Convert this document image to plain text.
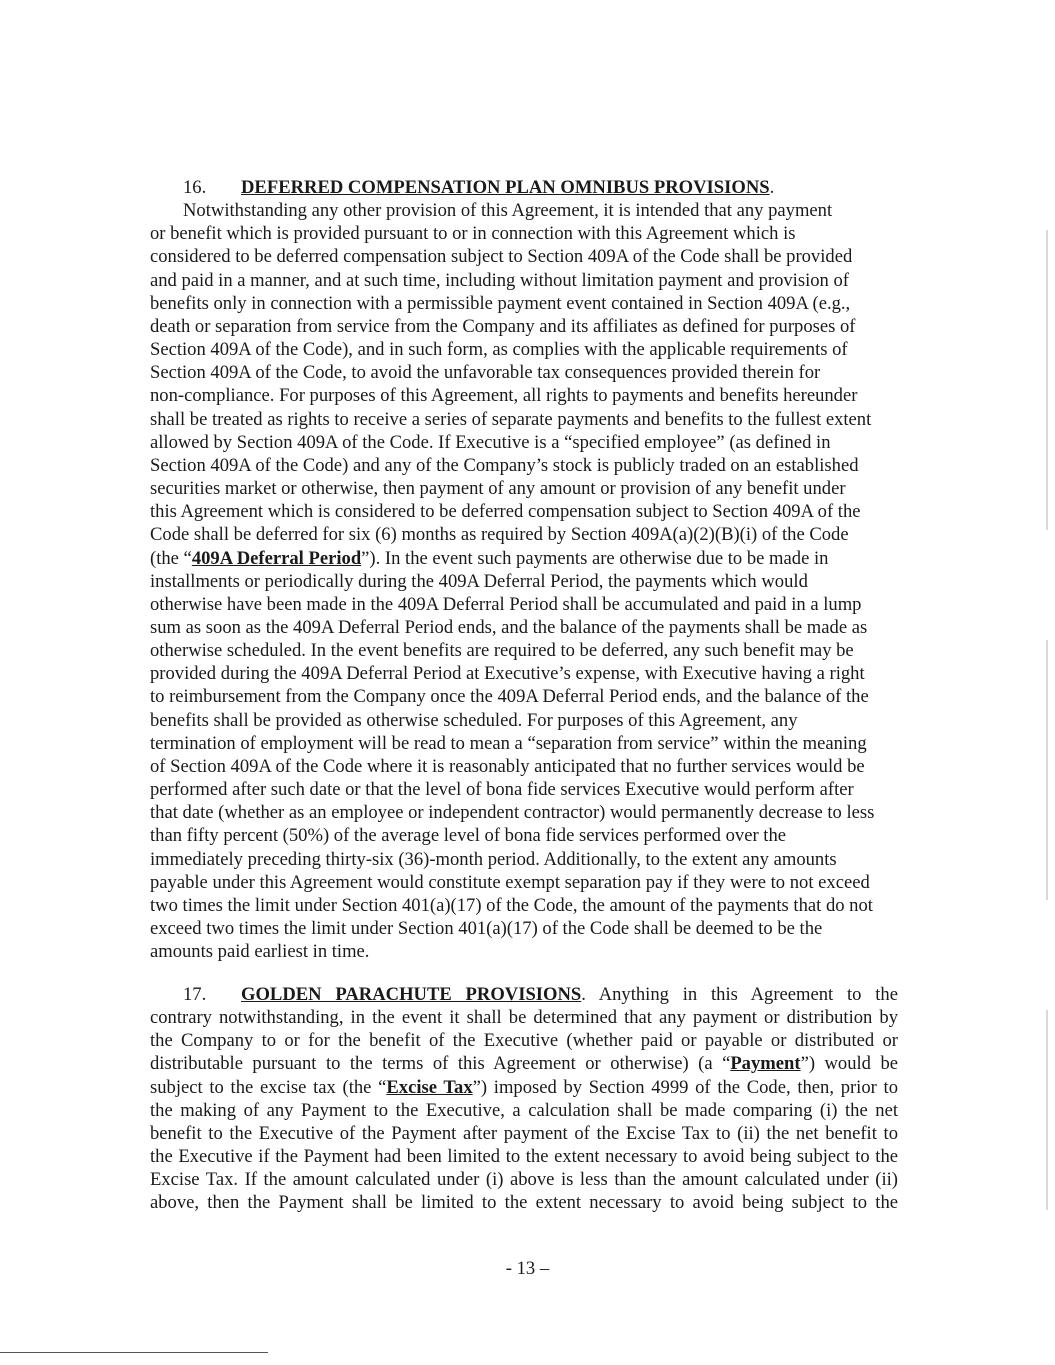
16. DEFERRED COMPENSATION PLAN OMNIBUS PROVISIONS.
Notwithstanding any other provision of this Agreement, it is intended that any payment
or benefit which is provided pursuant to or in connection with this Agreement which is
considered to be deferred compensation subject to Section 409A of the Code shall be provided
and paid in a manner, and at such time, including without limitation payment and provision of
benefits only in connection with a permissible payment event contained in Section 409A (e.g.,
death or separation from service from the Company and its affiliates as defined for purposes of
Section 409A of the Code), and in such form, as complies with the applicable requirements of
Section 409A of the Code, to avoid the unfavorable tax consequences provided therein for
non-compliance. For purposes of this Agreement, all rights to payments and benefits hereunder
shall be treated as rights to receive a series of separate payments and benefits to the fullest extent
allowed by Section 409A of the Code. If Executive is a “specified employee” (as defined in
Section 409A of the Code) and any of the Company’s stock is publicly traded on an established
securities market or otherwise, then payment of any amount or provision of any benefit under
this Agreement which is considered to be deferred compensation subject to Section 409A of the
Code shall be deferred for six (6) months as required by Section 409A(a)(2)(B)(i) of the Code
(the “409A Deferral Period”). In the event such payments are otherwise due to be made in
installments or periodically during the 409A Deferral Period, the payments which would
otherwise have been made in the 409A Deferral Period shall be accumulated and paid in a lump
sum as soon as the 409A Deferral Period ends, and the balance of the payments shall be made as
otherwise scheduled. In the event benefits are required to be deferred, any such benefit may be
provided during the 409A Deferral Period at Executive’s expense, with Executive having a right
to reimbursement from the Company once the 409A Deferral Period ends, and the balance of the
benefits shall be provided as otherwise scheduled. For purposes of this Agreement, any
termination of employment will be read to mean a “separation from service” within the meaning
of Section 409A of the Code where it is reasonably anticipated that no further services would be
performed after such date or that the level of bona fide services Executive would perform after
that date (whether as an employee or independent contractor) would permanently decrease to less
than fifty percent (50%) of the average level of bona fide services performed over the
immediately preceding thirty-six (36)-month period. Additionally, to the extent any amounts
payable under this Agreement would constitute exempt separation pay if they were to not exceed
two times the limit under Section 401(a)(17) of the Code, the amount of the payments that do not
exceed two times the limit under Section 401(a)(17) of the Code shall be deemed to be the
amounts paid earliest in time.
17. GOLDEN PARACHUTE PROVISIONS. Anything in this Agreement to the
contrary notwithstanding, in the event it shall be determined that any payment or distribution by
the Company to or for the benefit of the Executive (whether paid or payable or distributed or
distributable pursuant to the terms of this Agreement or otherwise) (a “Payment”) would be
subject to the excise tax (the “Excise Tax”) imposed by Section 4999 of the Code, then, prior to
the making of any Payment to the Executive, a calculation shall be made comparing (i) the net
benefit to the Executive of the Payment after payment of the Excise Tax to (ii) the net benefit to
the Executive if the Payment had been limited to the extent necessary to avoid being subject to the
Excise Tax. If the amount calculated under (i) above is less than the amount calculated under (ii)
above, then the Payment shall be limited to the extent necessary to avoid being subject to the
- 13 –
